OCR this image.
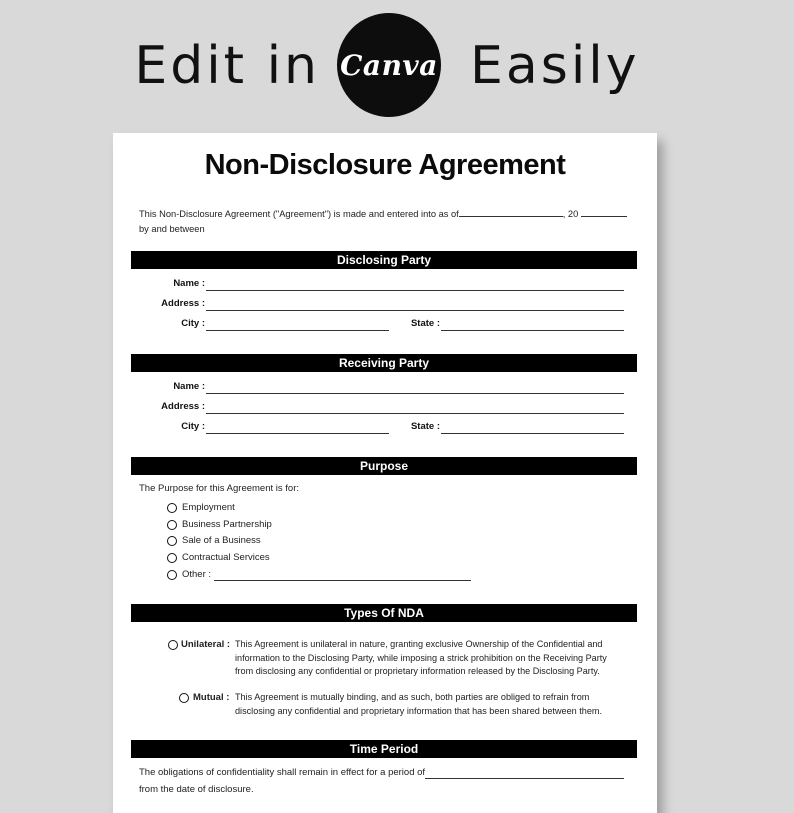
Edit in Canva Easily
Non-Disclosure Agreement
This Non-Disclosure Agreement ("Agreement") is made and entered into as of	, 20
by and between
Disclosing Party
Name :
Address :
City :	State :
Receiving Party
Name :
Address :
City :	State :
Purpose
The Purpose for this Agreement is for:
Employment
Business Partnership
Sale of a Business
Contractual Services
Other :
Types Of NDA
Unilateral : This Agreement is unilateral in nature, granting exclusive Ownership of the Confidential and
information to the Disclosing Party, while imposing a strick prohibition on the Receiving Party
from disclosing any confidential or proprietary information released by the Disclosing Party.
Mutual : This Agreement is mutually binding, and as such, both parties are obliged to refrain from
disclosing any confidential and proprietary information that has been shared between them.
Time Period
The obligations of confidentiality shall remain in effect for a period of
from the date of disclosure.
